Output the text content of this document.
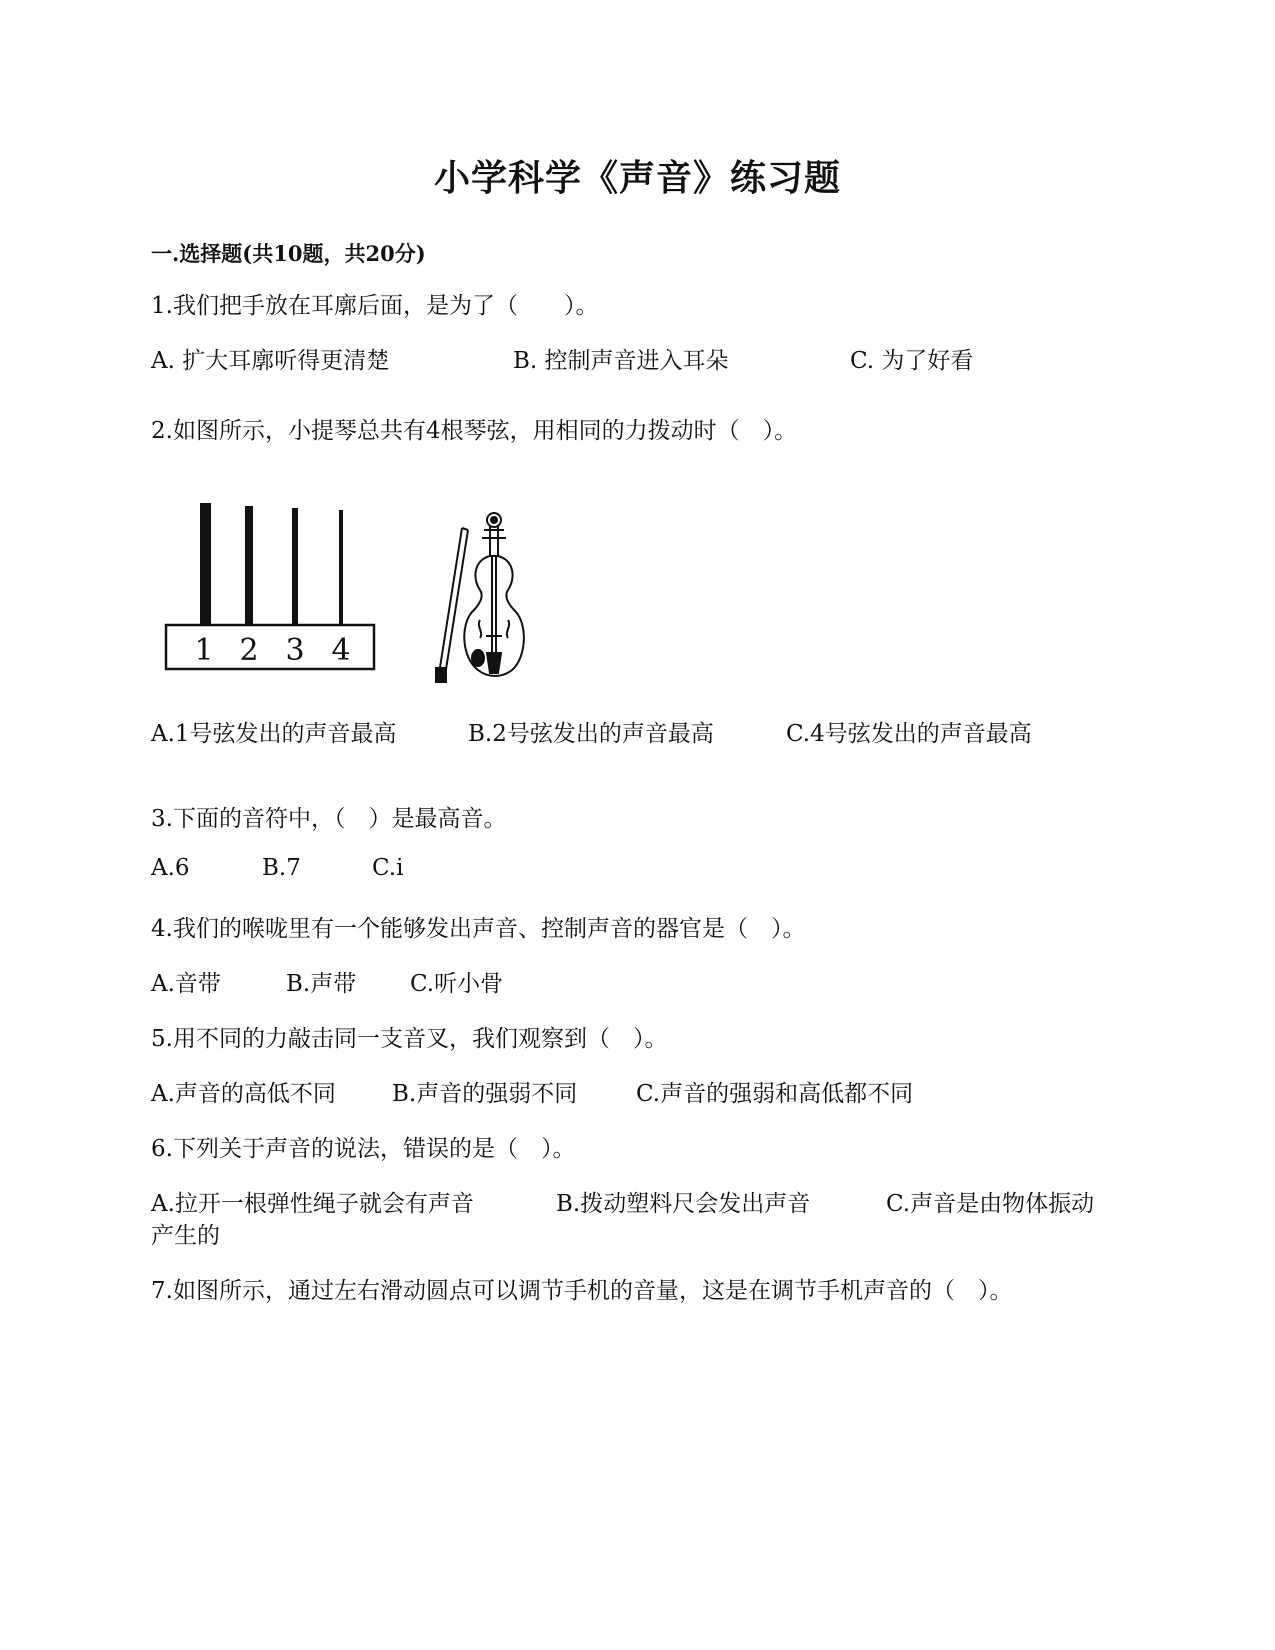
小学科学《声音》练习题
一.选择题(共10题，共20分)
1.我们把手放在耳廓后面，是为了（　　）。
A. 扩大耳廓听得更清楚	B. 控制声音进入耳朵	C. 为了好看
2.如图所示，小提琴总共有4根琴弦，用相同的力拨动时（　）。
1 2 3 4
A.1号弦发出的声音最高	B.2号弦发出的声音最高	C.4号弦发出的声音最高
3.下面的音符中，（　）是最高音。
A.6	B.7	C.i
4.我们的喉咙里有一个能够发出声音、控制声音的器官是（　）。
A.音带	B.声带 C.听小骨
5.用不同的力敲击同一支音叉，我们观察到（　）。
A.声音的高低不同 B.声音的强弱不同	C.声音的强弱和高低都不同
6.下列关于声音的说法，错误的是（　）。
A.拉开一根弹性绳子就会有声音	B.拨动塑料尺会发出声音	C.声音是由物体振动
产生的
7.如图所示，通过左右滑动圆点可以调节手机的音量，这是在调节手机声音的（　）。
